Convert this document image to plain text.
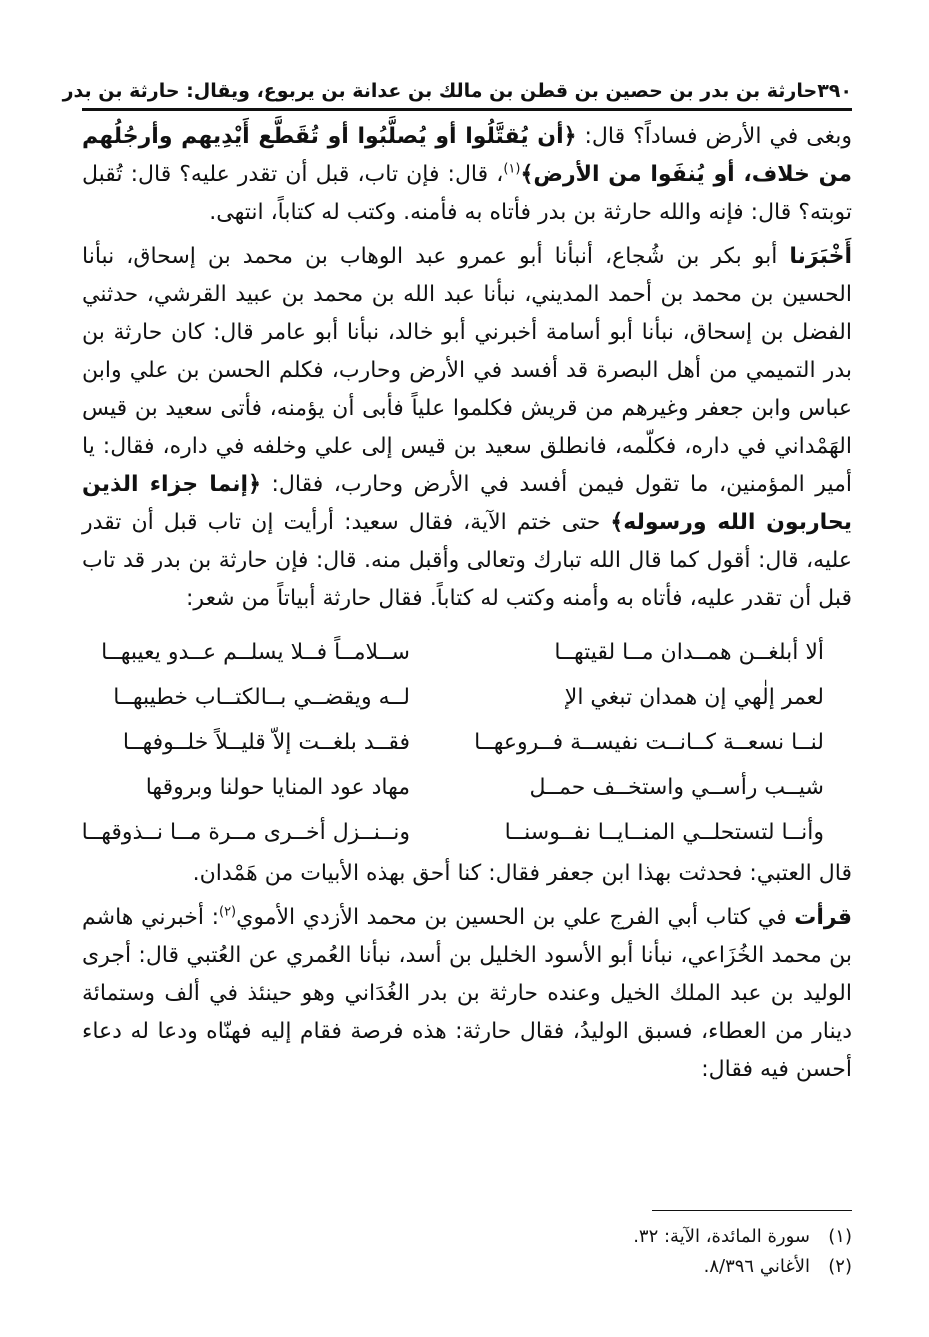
٣٩٠
حارثة بن بدر بن حصين بن قطن بن مالك بن عدانة بن يربوع، ويقال: حارثة بن بدر

وبغى في الأرض فساداً؟ قال: ﴿أن يُقتَّلُوا أو يُصلَّبُوا أو تُقَطَّع أَيْدِيهم وأرجُلُهم من خلاف، أو يُنفَوا من الأرض﴾$^{(١)}$، قال: فإن تاب، قبل أن تقدر عليه؟ قال: تُقبل توبته؟ قال: فإنه والله حارثة بن بدر فأتاه به فأمنه. وكتب له كتاباً، انتهى.

أَخْبَرَنا أبو بكر بن شُجاع، أنبأنا أبو عمرو عبد الوهاب بن محمد بن إسحاق، نبأنا الحسين بن محمد بن أحمد المديني، نبأنا عبد الله بن محمد بن عبيد القرشي، حدثني الفضل بن إسحاق، نبأنا أبو أسامة أخبرني أبو خالد، نبأنا أبو عامر قال: كان حارثة بن بدر التميمي من أهل البصرة قد أفسد في الأرض وحارب، فكلم الحسن بن علي وابن عباس وابن جعفر وغيرهم من قريش فكلموا علياً فأبى أن يؤمنه، فأتى سعيد بن قيس الهَمْداني في داره، فكلّمه، فانطلق سعيد بن قيس إلى علي وخلفه في داره، فقال: يا أمير المؤمنين، ما تقول فيمن أفسد في الأرض وحارب، فقال: ﴿إنما جزاء الذين يحاربون الله ورسوله﴾ حتى ختم الآية، فقال سعيد: أرأيت إن تاب قبل أن تقدر عليه، قال: أقول كما قال الله تبارك وتعالى وأقبل منه. قال: فإن حارثة بن بدر قد تاب قبل أن تقدر عليه، فأتاه به وأمنه وكتب له كتاباً. فقال حارثة أبياتاً من شعر:

ألا أبلغــن همــدان مــا لقيتهــا
ســلامــاً فــلا يسلــم عــدو يعيبهــا
لعمر إلٰهي إن همدان تبغي الإ
لــه ويقضــي بــالكتــاب خطيبهــا
لنــا نسعــة كــانــت نفيســة فــروعهــا
فقــد بلغــت إلاّ قليــلاً خلــوفهــا
شيــب رأســي واستخــف حمــل
مهاد عود المنايا حولنا وبروقها
وأنــا لتستحلــي المنــايــا نفــوسنــا
ونــنــزل أخــرى مــرة مــا نــذوقهــا

قال العتبي: فحدثت بهذا ابن جعفر فقال: كنا أحق بهذه الأبيات من هَمْدان.

قرأت في كتاب أبي الفرج علي بن الحسين بن محمد الأزدي الأموي$^{(٢)}$: أخبرني هاشم بن محمد الخُزَاعي، نبأنا أبو الأسود الخليل بن أسد، نبأنا العُمري عن العُتبي قال: أجرى الوليد بن عبد الملك الخيل وعنده حارثة بن بدر الغُدَاني وهو حينئذ في ألف وستمائة دينار من العطاء، فسبق الوليدُ، فقال حارثة: هذه فرصة فقام إليه فهنّاه ودعا له دعاء أحسن فيه فقال:

(١)
سورة المائدة، الآية: ٣٢.
(٢)
الأغاني ٨/٣٩٦.
